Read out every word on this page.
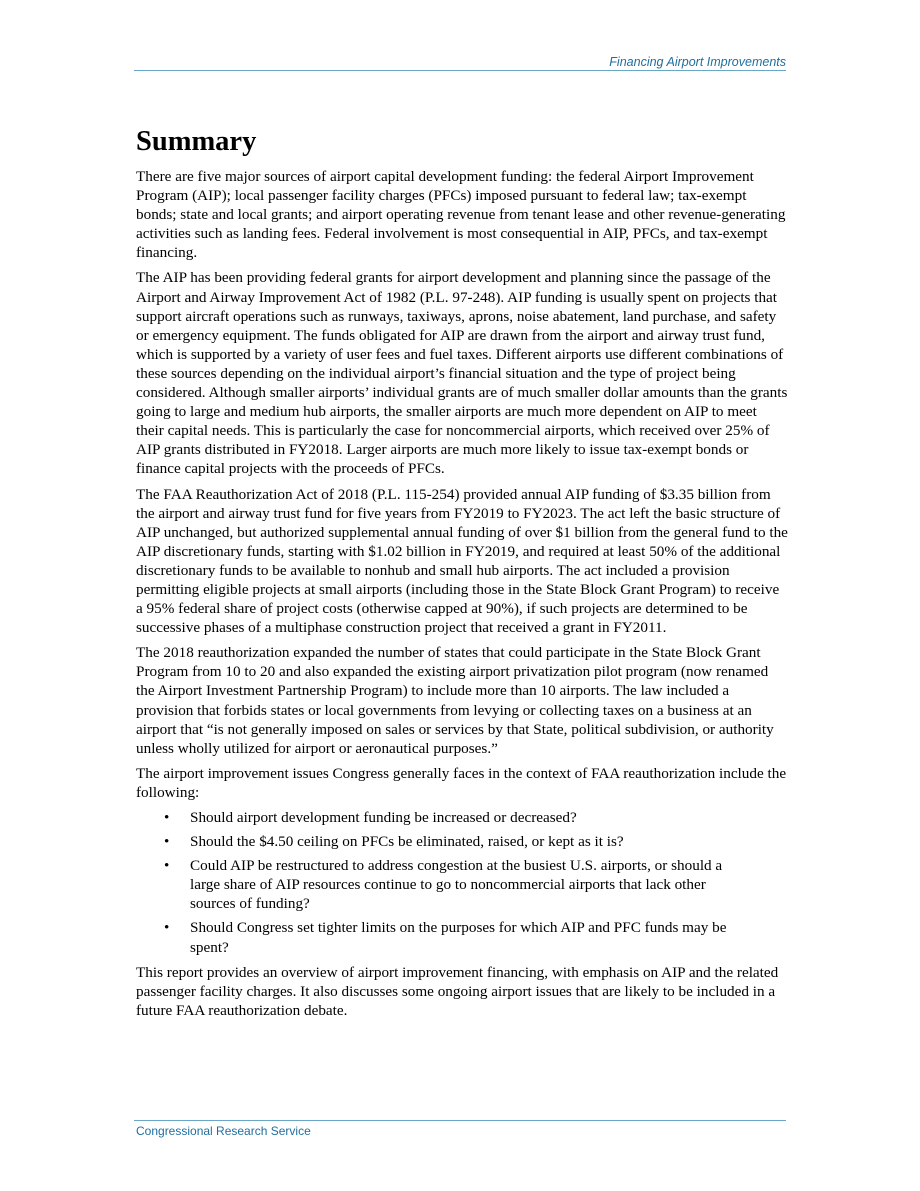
Financing Airport Improvements
Summary

There are five major sources of airport capital development funding: the federal Airport Improvement Program (AIP); local passenger facility charges (PFCs) imposed pursuant to federal law; tax-exempt bonds; state and local grants; and airport operating revenue from tenant lease and other revenue-generating activities such as landing fees. Federal involvement is most consequential in AIP, PFCs, and tax-exempt financing.

The AIP has been providing federal grants for airport development and planning since the passage of the Airport and Airway Improvement Act of 1982 (P.L. 97-248). AIP funding is usually spent on projects that support aircraft operations such as runways, taxiways, aprons, noise abatement, land purchase, and safety or emergency equipment. The funds obligated for AIP are drawn from the airport and airway trust fund, which is supported by a variety of user fees and fuel taxes. Different airports use different combinations of these sources depending on the individual airport’s financial situation and the type of project being considered. Although smaller airports’ individual grants are of much smaller dollar amounts than the grants going to large and medium hub airports, the smaller airports are much more dependent on AIP to meet their capital needs. This is particularly the case for noncommercial airports, which received over 25% of AIP grants distributed in FY2018. Larger airports are much more likely to issue tax-exempt bonds or finance capital projects with the proceeds of PFCs.

The FAA Reauthorization Act of 2018 (P.L. 115-254) provided annual AIP funding of $3.35 billion from the airport and airway trust fund for five years from FY2019 to FY2023. The act left the basic structure of AIP unchanged, but authorized supplemental annual funding of over $1 billion from the general fund to the AIP discretionary funds, starting with $1.02 billion in FY2019, and required at least 50% of the additional discretionary funds to be available to nonhub and small hub airports. The act included a provision permitting eligible projects at small airports (including those in the State Block Grant Program) to receive a 95% federal share of project costs (otherwise capped at 90%), if such projects are determined to be successive phases of a multiphase construction project that received a grant in FY2011.

The 2018 reauthorization expanded the number of states that could participate in the State Block Grant Program from 10 to 20 and also expanded the existing airport privatization pilot program (now renamed the Airport Investment Partnership Program) to include more than 10 airports. The law included a provision that forbids states or local governments from levying or collecting taxes on a business at an airport that “is not generally imposed on sales or services by that State, political subdivision, or authority unless wholly utilized for airport or aeronautical purposes.”

The airport improvement issues Congress generally faces in the context of FAA reauthorization include the following:

• Should airport development funding be increased or decreased?
• Should the $4.50 ceiling on PFCs be eliminated, raised, or kept as it is?
• Could AIP be restructured to address congestion at the busiest U.S. airports, or should a large share of AIP resources continue to go to noncommercial airports that lack other sources of funding?
• Should Congress set tighter limits on the purposes for which AIP and PFC funds may be spent?

This report provides an overview of airport improvement financing, with emphasis on AIP and the related passenger facility charges. It also discusses some ongoing airport issues that are likely to be included in a future FAA reauthorization debate.

Congressional Research Service
